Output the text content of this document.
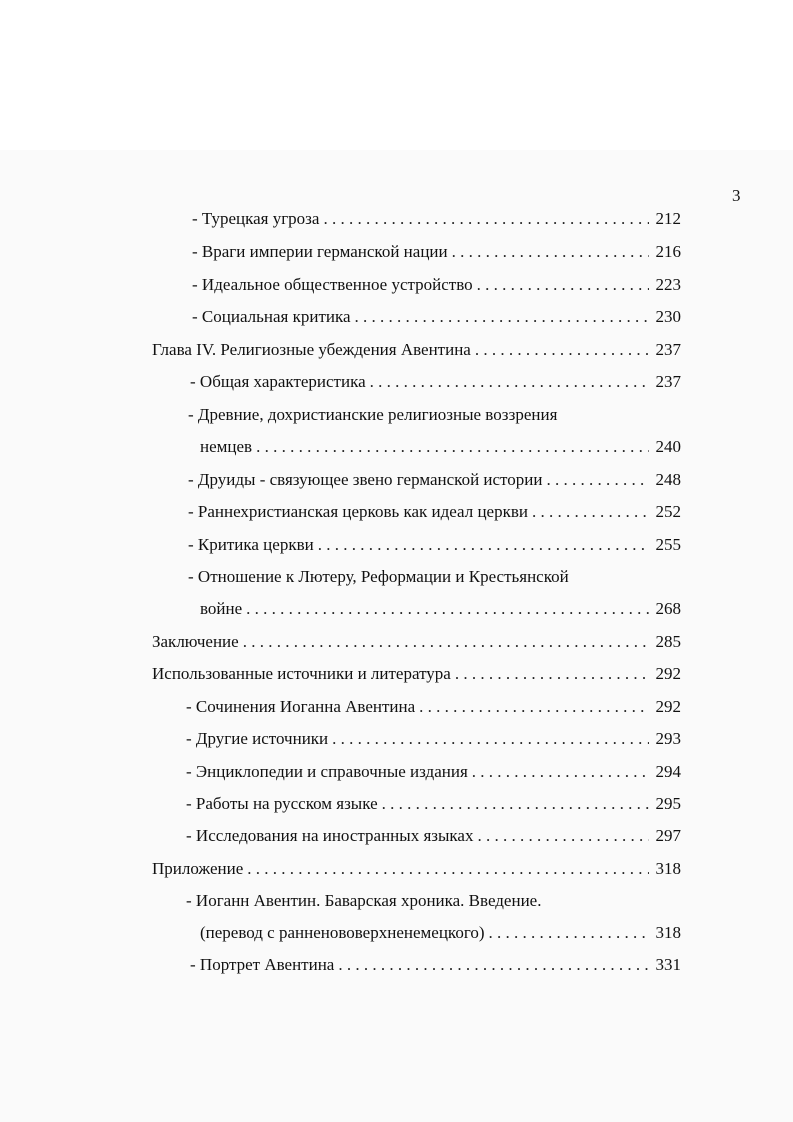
3
- Турецкая угроза . . .	212
- Враги империи германской нации . . .	216
- Идеальное общественное устройство . . .	223
- Социальная критика . . .	230
Глава IV. Религиозные убеждения Авентина . . .	237
- Общая характеристика . . .	237
- Древние, дохристианские религиозные воззрения
немцев . . .	240
- Друиды - связующее звено германской истории . . .	248
- Раннехристианская церковь как идеал церкви . . .	252
- Критика церкви . . .	255
- Отношение к Лютеру, Реформации и Крестьянской
войне . . .	268
Заключение . . .	285
Использованные источники и литература . . .	292
- Сочинения Иоганна Авентина . . .	292
- Другие источники . . .	293
- Энциклопедии и справочные издания . . .	294
- Работы на русском языке . . .	295
- Исследования на иностранных языках . . .	297
Приложение . . .	318
- Иоганн Авентин. Баварская хроника. Введение.
(перевод с ранненововерхненемецкого) . . .	318
- Портрет Авентина . . .	331
